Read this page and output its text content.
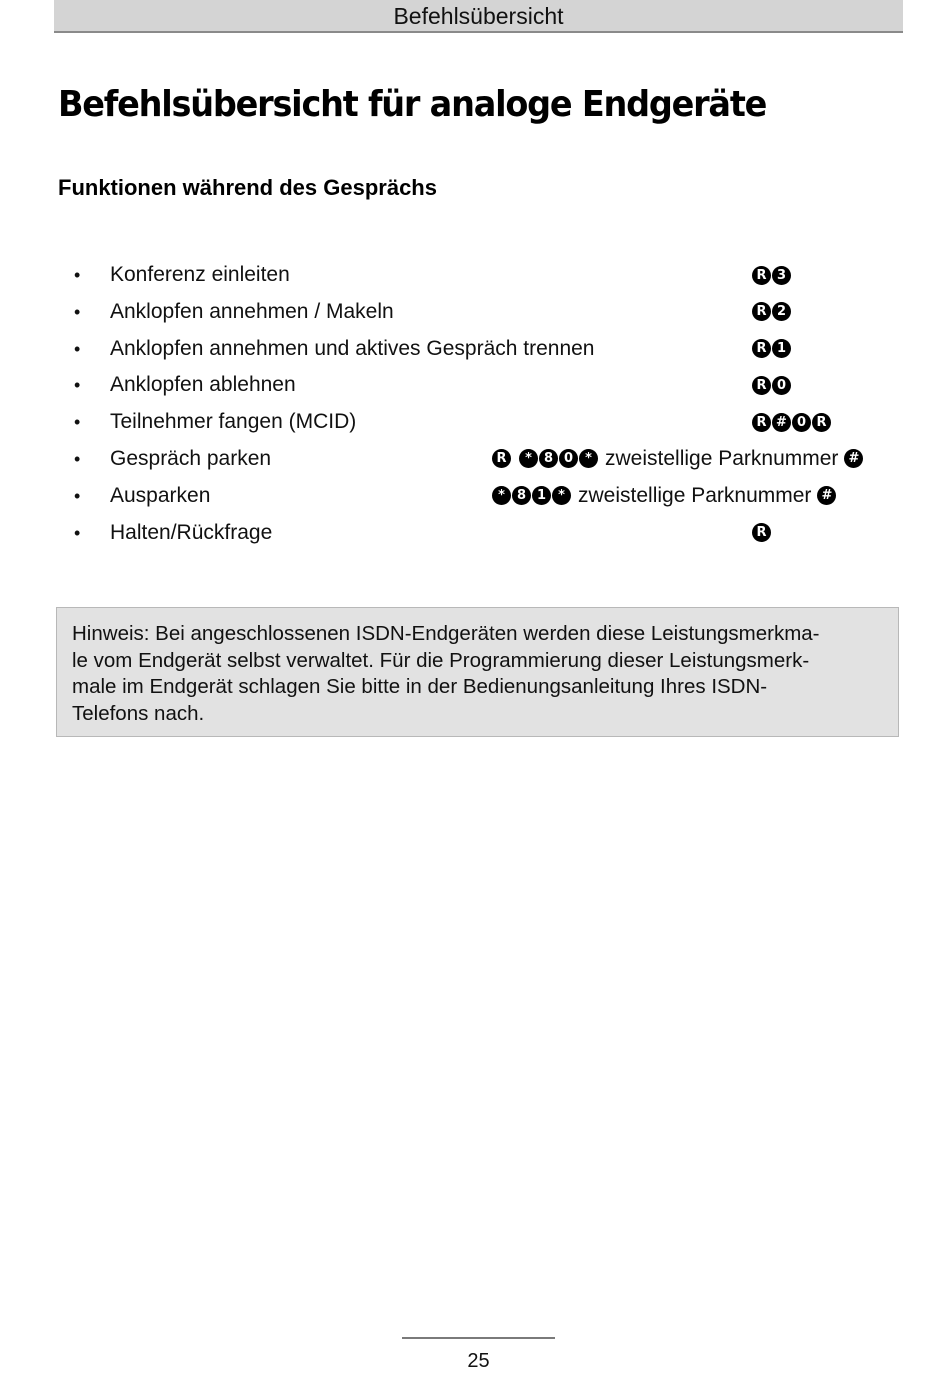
Befehlsübersicht
Befehlsübersicht für analoge Endgeräte
Funktionen während des Gesprächs
• Konferenz einleiten	R 3
• Anklopfen annehmen / Makeln	R 2
• Anklopfen annehmen und aktives Gespräch trennen	R 1
• Anklopfen ablehnen	R 0
• Teilnehmer fangen (MCID)	R # 0 R
• Gespräch parken	R	* 8 0 * zweistellige Parknummer #
• Ausparken	* 8 1 * zweistellige Parknummer #
• Halten/Rückfrage	R

Hinweis: Bei angeschlossenen ISDN-Endgeräten werden diese Leistungsmerkma-

le vom Endgerät selbst verwaltet. Für die Programmierung dieser Leistungsmerk-

male im Endgerät schlagen Sie bitte in der Bedienungsanleitung Ihres ISDN-

Telefons nach.

25
